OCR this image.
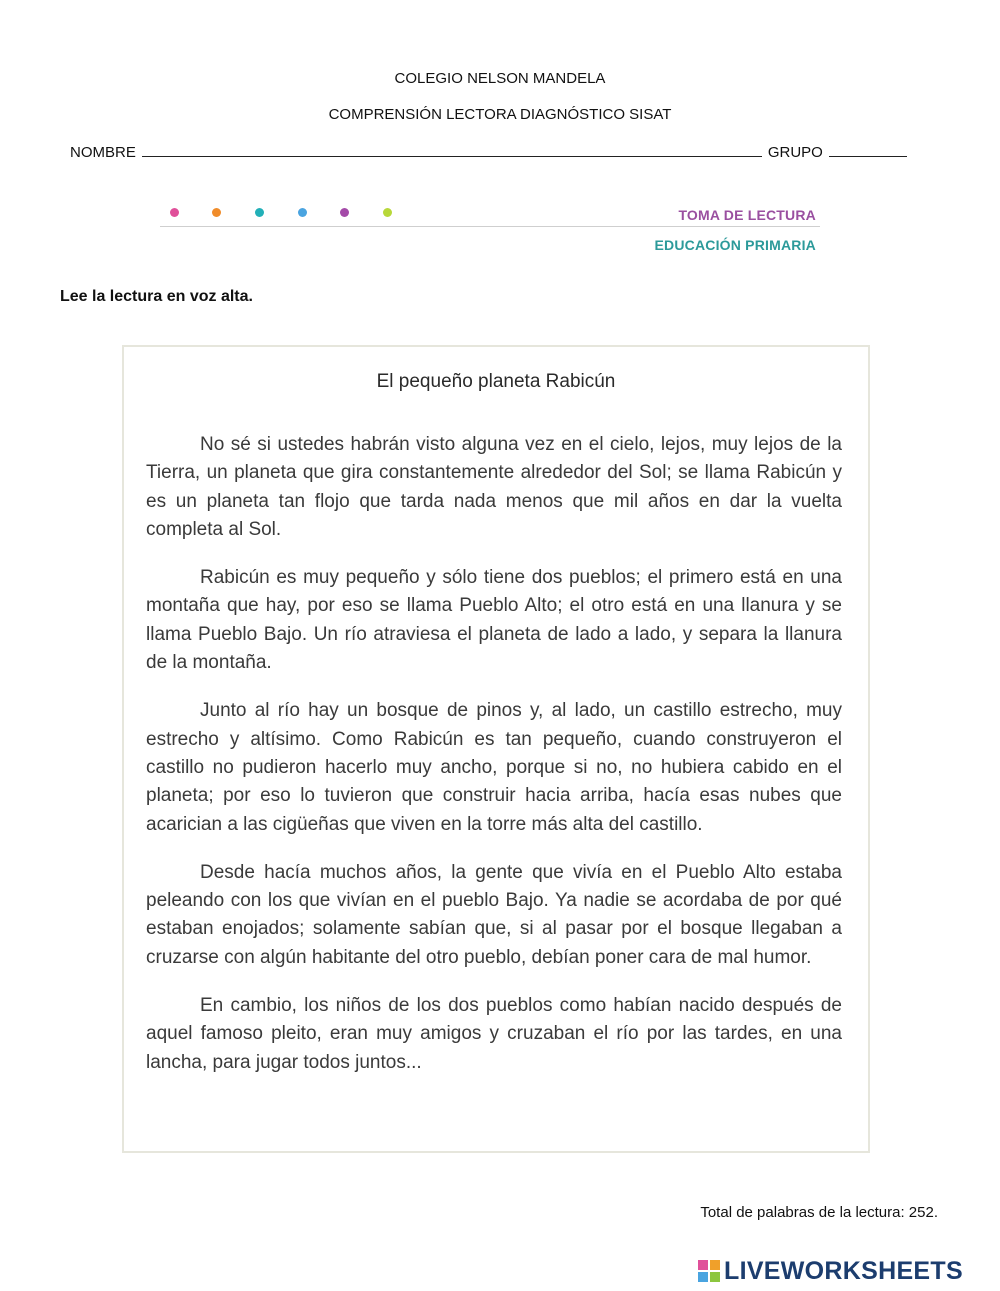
COLEGIO NELSON MANDELA
COMPRENSIÓN LECTORA DIAGNÓSTICO SISAT
NOMBRE	GRUPO
TOMA DE LECTURA
EDUCACIÓN PRIMARIA
Lee la lectura en voz alta.
El pequeño planeta Rabicún

No sé si ustedes habrán visto alguna vez en el cielo, lejos, muy lejos de la Tierra, un planeta que gira constantemente alrededor del Sol; se llama Rabicún y es un planeta tan flojo que tarda nada menos que mil años en dar la vuelta completa al Sol.

Rabicún es muy pequeño y sólo tiene dos pueblos; el primero está en una montaña que hay, por eso se llama Pueblo Alto; el otro está en una llanura y se llama Pueblo Bajo. Un río atraviesa el planeta de lado a lado, y separa la llanura de la montaña.

Junto al río hay un bosque de pinos y, al lado, un castillo estrecho, muy estrecho y altísimo. Como Rabicún es tan pequeño, cuando construyeron el castillo no pudieron hacerlo muy ancho, porque si no, no hubiera cabido en el planeta; por eso lo tuvieron que construir hacia arriba, hacía esas nubes que acarician a las cigüeñas que viven en la torre más alta del castillo.

Desde hacía muchos años, la gente que vivía en el Pueblo Alto estaba peleando con los que vivían en el pueblo Bajo. Ya nadie se acordaba de por qué estaban enojados; solamente sabían que, si al pasar por el bosque llegaban a cruzarse con algún habitante del otro pueblo, debían poner cara de mal humor.

En cambio, los niños de los dos pueblos como habían nacido después de aquel famoso pleito, eran muy amigos y cruzaban el río por las tardes, en una lancha, para jugar todos juntos...

Total de palabras de la lectura: 252.
LIVEWORKSHEETS
